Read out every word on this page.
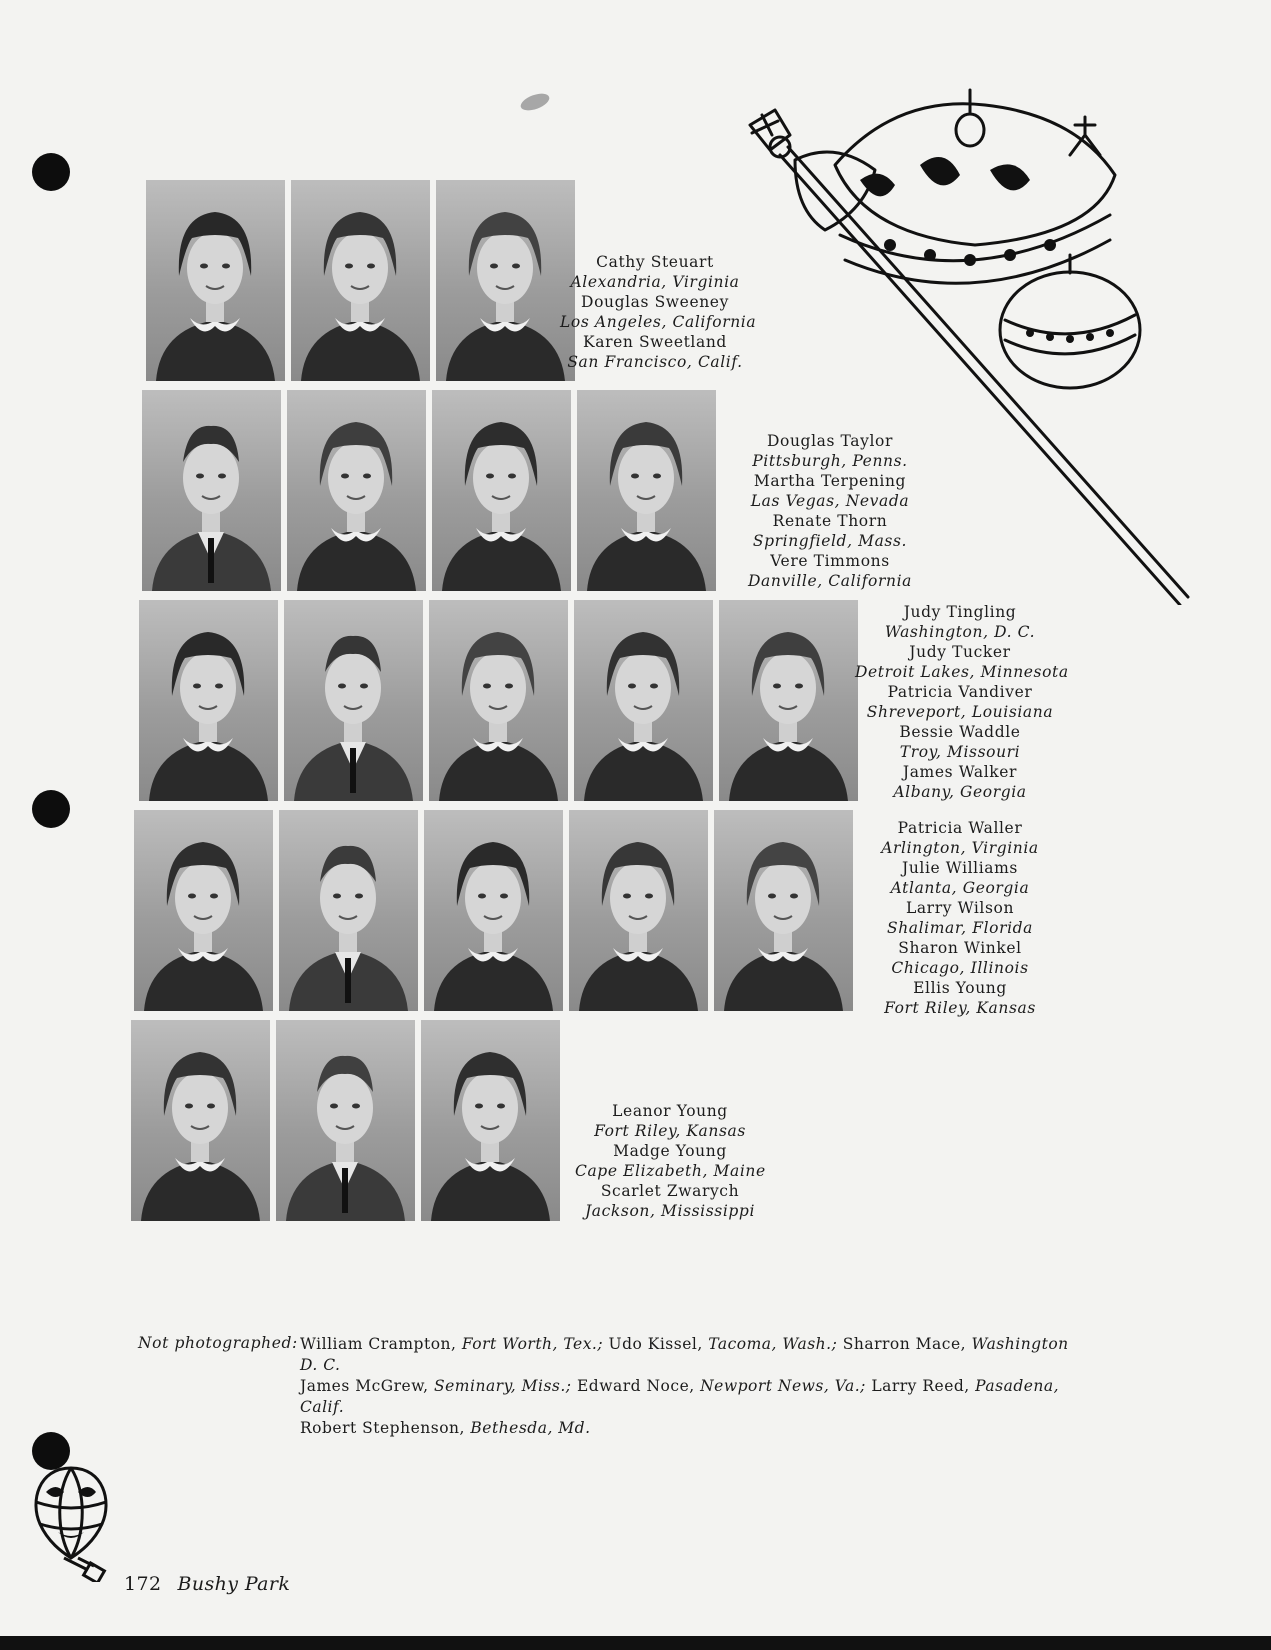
Cathy Steuart
Alexandria, Virginia
Douglas Sweeney
Los Angeles, California
Karen Sweetland
San Francisco, Calif.
Douglas Taylor
Pittsburgh, Penns.
Martha Terpening
Las Vegas, Nevada
Renate Thorn
Springfield, Mass.
Vere Timmons
Danville, California
Judy Tingling
Washington, D. C.
Judy Tucker
Detroit Lakes, Minnesota
Patricia Vandiver
Shreveport, Louisiana
Bessie Waddle
Troy, Missouri
James Walker
Albany, Georgia
Patricia Waller
Arlington, Virginia
Julie Williams
Atlanta, Georgia
Larry Wilson
Shalimar, Florida
Sharon Winkel
Chicago, Illinois
Ellis Young
Fort Riley, Kansas
Leanor Young
Fort Riley, Kansas
Madge Young
Cape Elizabeth, Maine
Scarlet Zwarych
Jackson, Mississippi
Not photographed: William Crampton, Fort Worth, Tex.; Udo Kissel, Tacoma, Wash.; Sharron Mace, Washington D. C.
James McGrew, Seminary, Miss.; Edward Noce, Newport News, Va.; Larry Reed, Pasadena, Calif.
Robert Stephenson, Bethesda, Md.
172 Bushy Park
